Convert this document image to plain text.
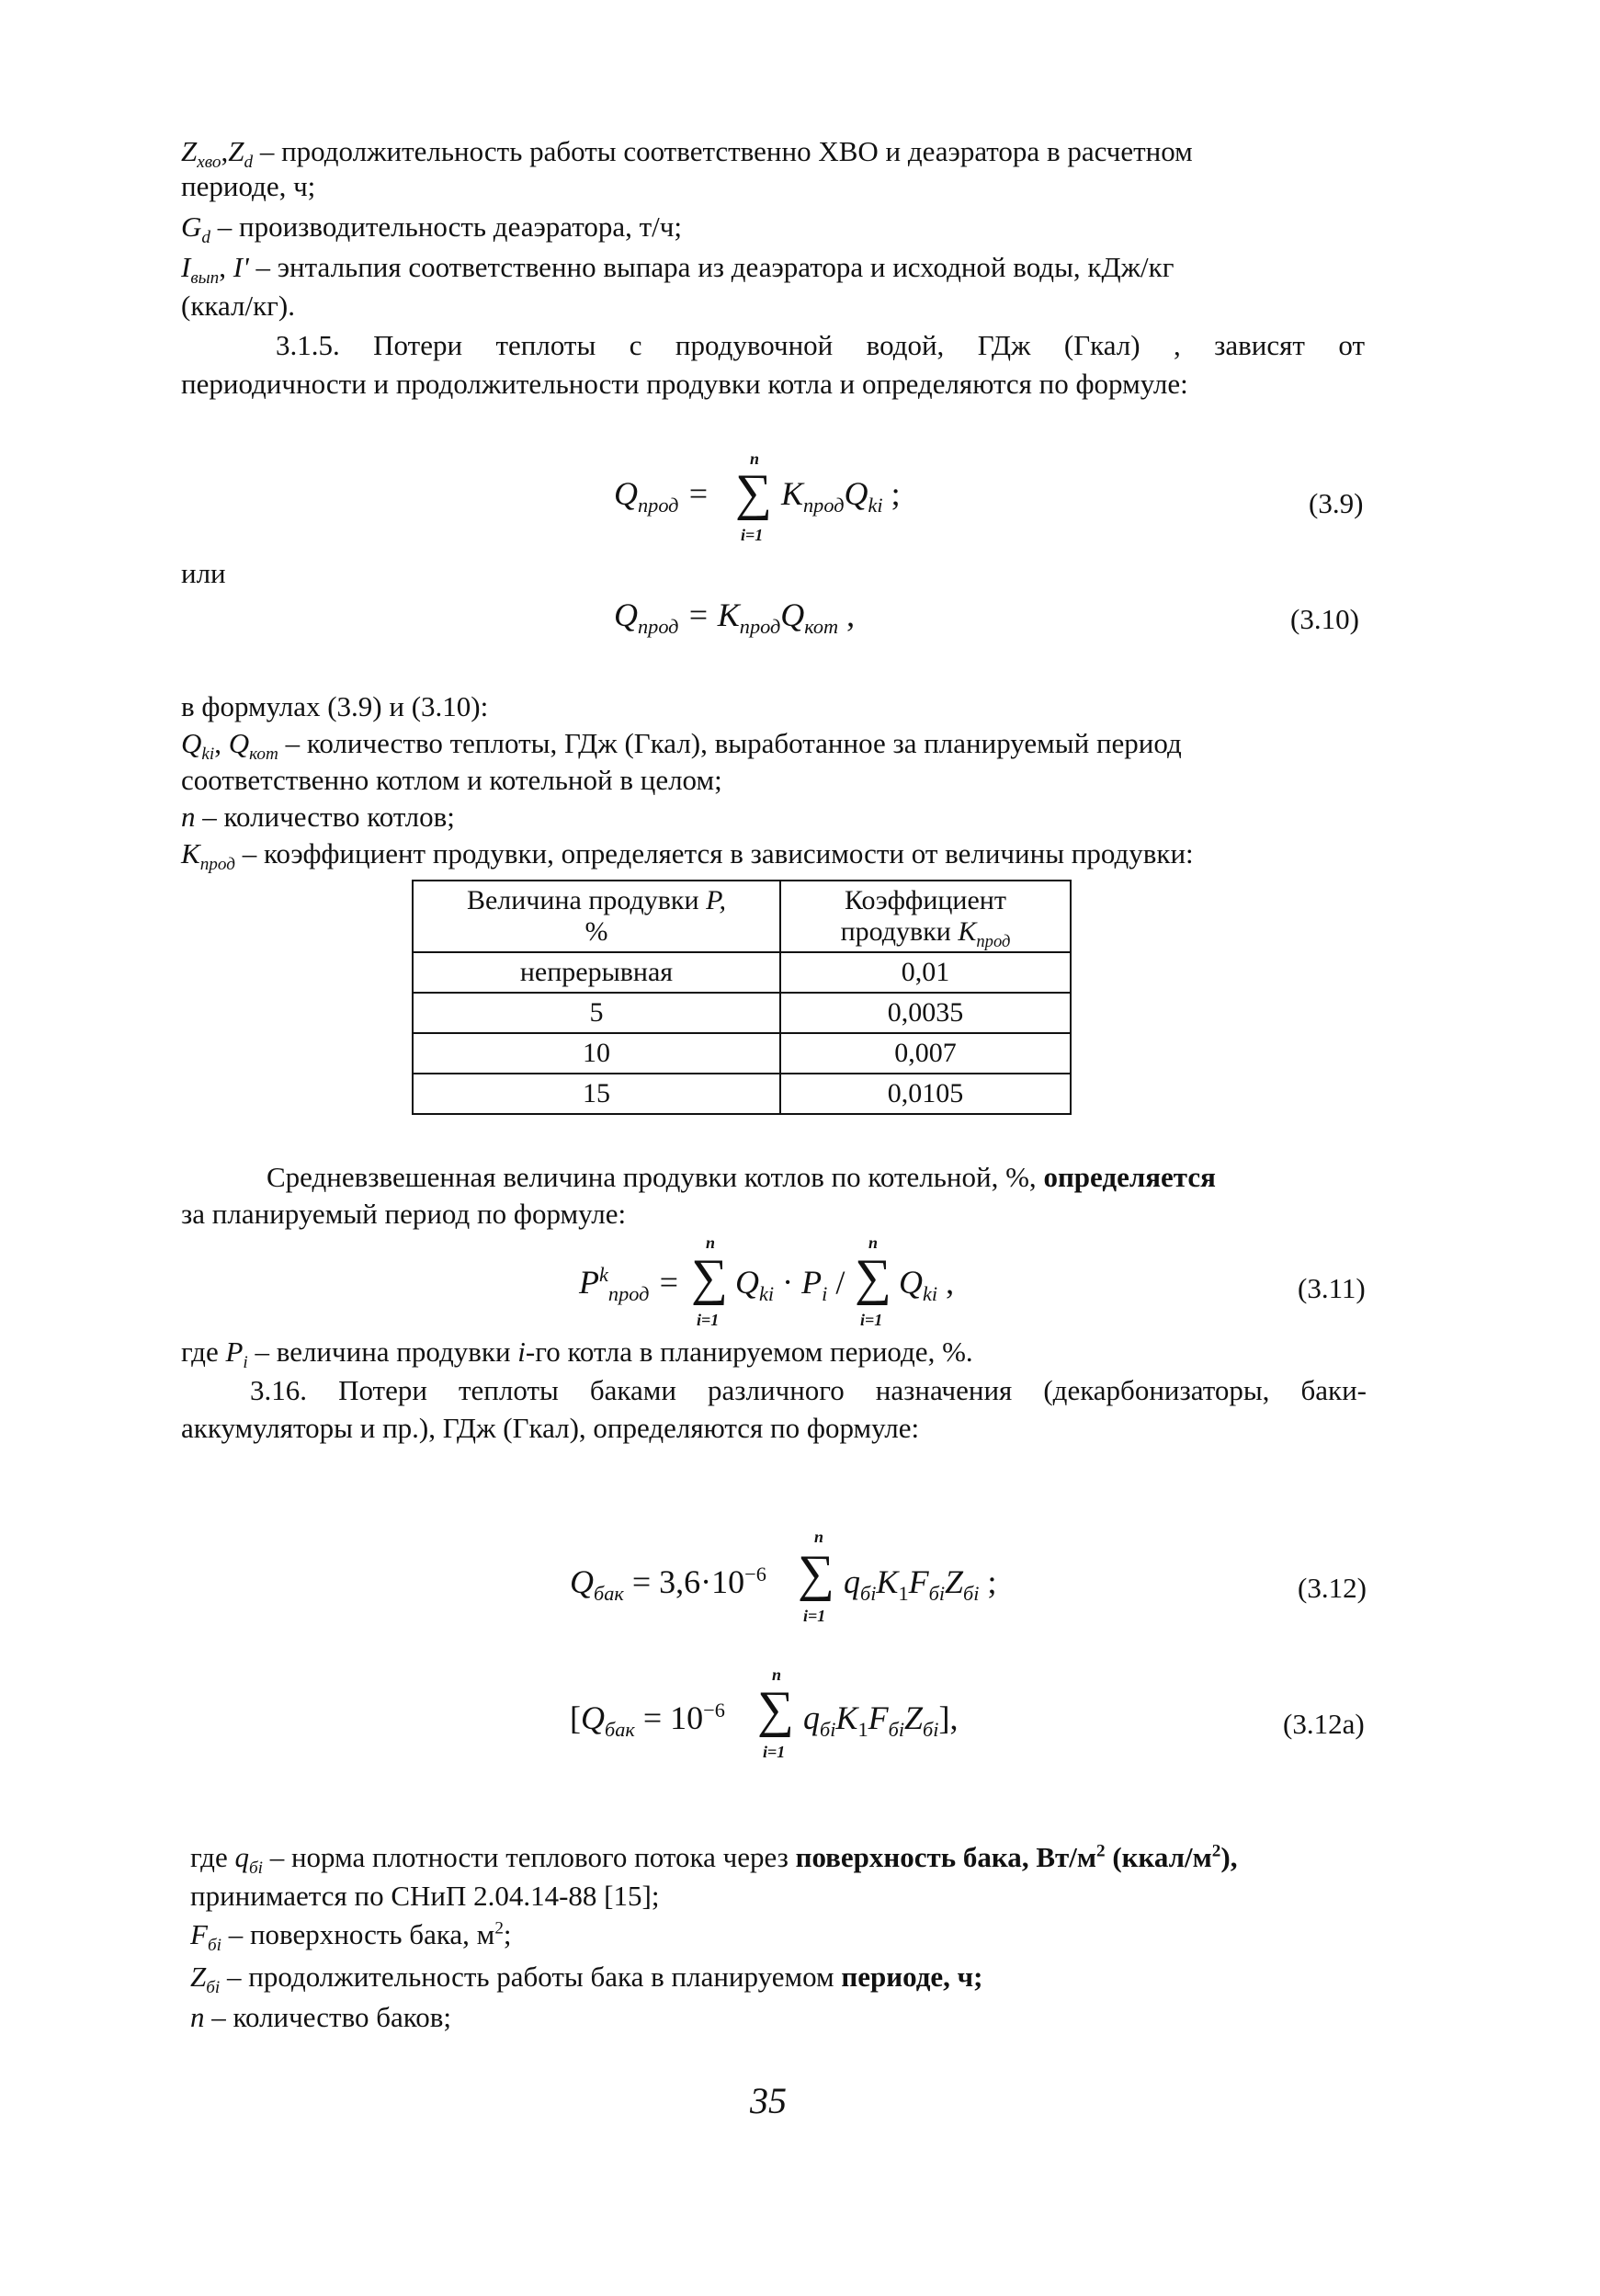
$Z_{хво},Z_d$ – продолжительность работы соответственно ХВО и деаэратора в расчетном
периоде, ч;
$G_d$ – производительность деаэратора, т/ч;
$I_{вып}$, I' – энтальпия соответственно выпара из деаэратора и исходной воды, кДж/кг
(ккал/кг).
3.1.5. Потери теплоты с продувочной водой, ГДж (Гкал) , зависят от
периодичности и продолжительности продувки котла и определяются по формуле:
$Q_{прод}$ =
n
∑
i=1
$K_{прод}Q_{ki}$ ;	(3.9)
или
$Q_{прод} = K_{прод}Q_{кот}$ ,	(3.10)
в формулах (3.9) и (3.10):
$Q_{ki}$, $Q_{кот}$ – количество теплоты, ГДж (Гкал), выработанное за планируемый период
соответственно котлом и котельной в целом;
n – количество котлов;
$K_{прод}$ – коэффициент продувки, определяется в зависимости от величины продувки:
Величина продувки P,
%	Коэффициент
продувки $K_{прод}$
непрерывная	0,01
5	0,0035
10	0,007
15	0,0105
Средневзвешенная величина продувки котлов по котельной, %, определяется
за планируемый период по формуле:
$P^k_{прод}$ =
n
∑
i=1
$Q_{ki} \cdot P_i$ /
n
∑
i=1
$Q_{ki}$ ,	(3.11)
где $P_i$ – величина продувки i-го котла в планируемом периоде, %.
3.16. Потери теплоты баками различного назначения (декарбонизаторы, баки-
аккумуляторы и пр.), ГДж (Гкал), определяются по формуле:
$Q_{бак} = 3,6\cdot 10^{-6}$
n
∑
i=1
$q_{бi}K_1F_{бi}Z_{бi}$ ;	(3.12)
[$Q_{бак} = 10^{-6}$
n
∑
i=1
$q_{бi}K_1F_{бi}Z_{бi}$],	(3.12а)
где $q_{бi}$ – норма плотности теплового потока через поверхность бака, $Вт/м^2$ $(ккал/м^2)$,
принимается по СНиП 2.04.14-88 [15];
$F_{бi}$ – поверхность бака, $м^2$;
$Z_{бi}$ – продолжительность работы бака в планируемом периоде, ч;
n – количество баков;
35
